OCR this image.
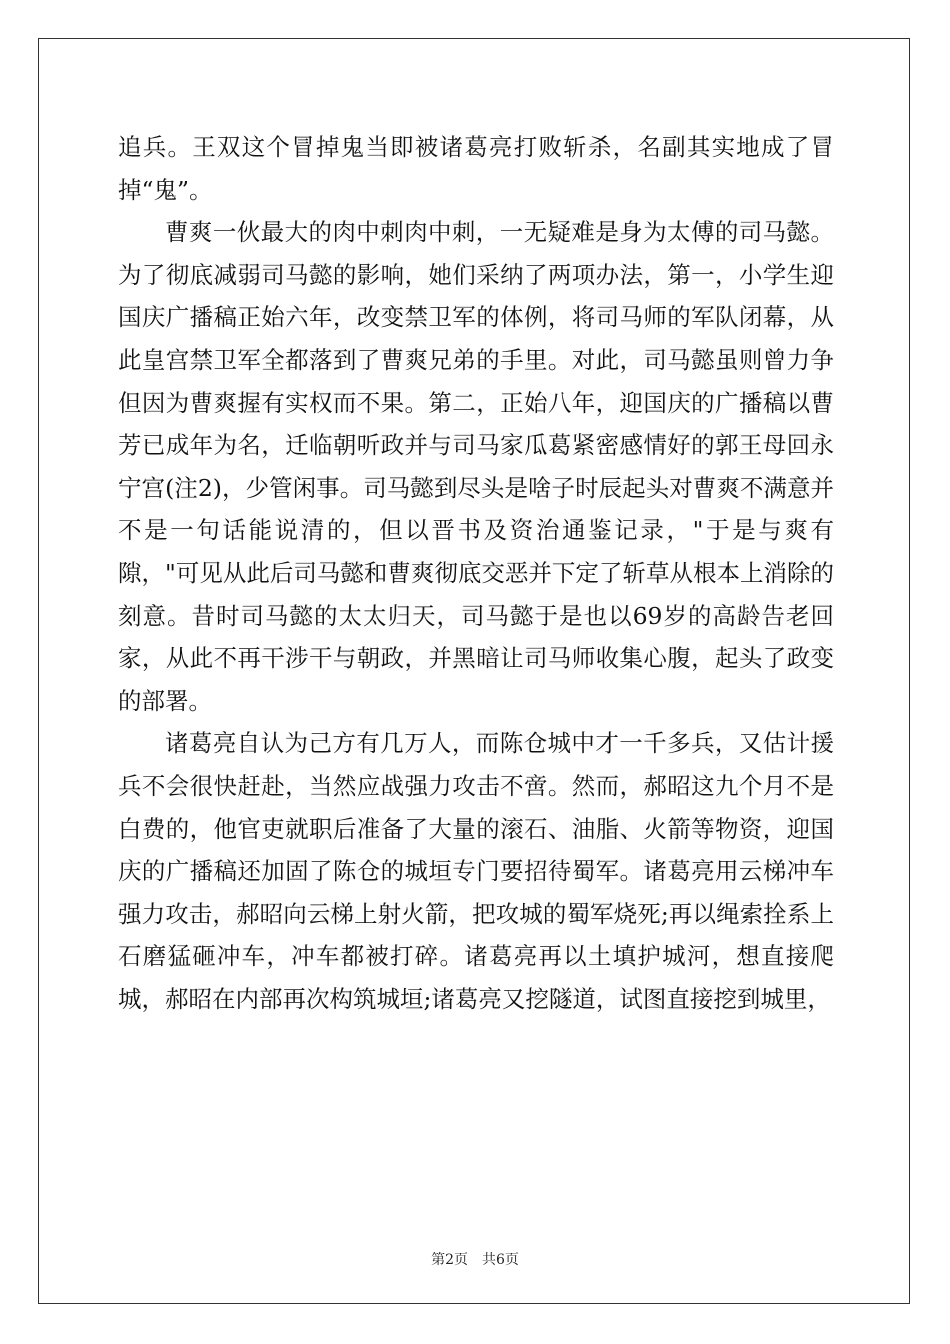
追兵。王双这个冒掉鬼当即被诸葛亮打败斩杀，名副其实地成了冒掉“鬼”。

曹爽一伙最大的肉中刺肉中刺，一无疑难是身为太傅的司马懿。为了彻底减弱司马懿的影响，她们采纳了两项办法，第一，小学生迎国庆广播稿正始六年，改变禁卫军的体例，将司马师的军队闭幕，从此皇宫禁卫军全都落到了曹爽兄弟的手里。对此，司马懿虽则曾力争但因为曹爽握有实权而不果。第二，正始八年，迎国庆的广播稿以曹芳已成年为名，迁临朝听政并与司马家瓜葛紧密感情好的郭王母回永宁宫(注2)，少管闲事。司马懿到尽头是啥子时辰起头对曹爽不满意并不是一句话能说清的，但以晋书及资治通鉴记录，"于是与爽有隙，"可见从此后司马懿和曹爽彻底交恶并下定了斩草从根本上消除的刻意。昔时司马懿的太太归天，司马懿于是也以69岁的高龄告老回家，从此不再干涉干与朝政，并黑暗让司马师收集心腹，起头了政变的部署。

诸葛亮自认为己方有几万人，而陈仓城中才一千多兵，又估计援兵不会很快赶赴，当然应战强力攻击不啻。然而，郝昭这九个月不是白费的，他官吏就职后准备了大量的滚石、油脂、火箭等物资，迎国庆的广播稿还加固了陈仓的城垣专门要招待蜀军。诸葛亮用云梯冲车强力攻击，郝昭向云梯上射火箭，把攻城的蜀军烧死;再以绳索拴系上石磨猛砸冲车，冲车都被打碎。诸葛亮再以土填护城河，想直接爬城，郝昭在内部再次构筑城垣;诸葛亮又挖隧道，试图直接挖到城里，

第2页　共6页
